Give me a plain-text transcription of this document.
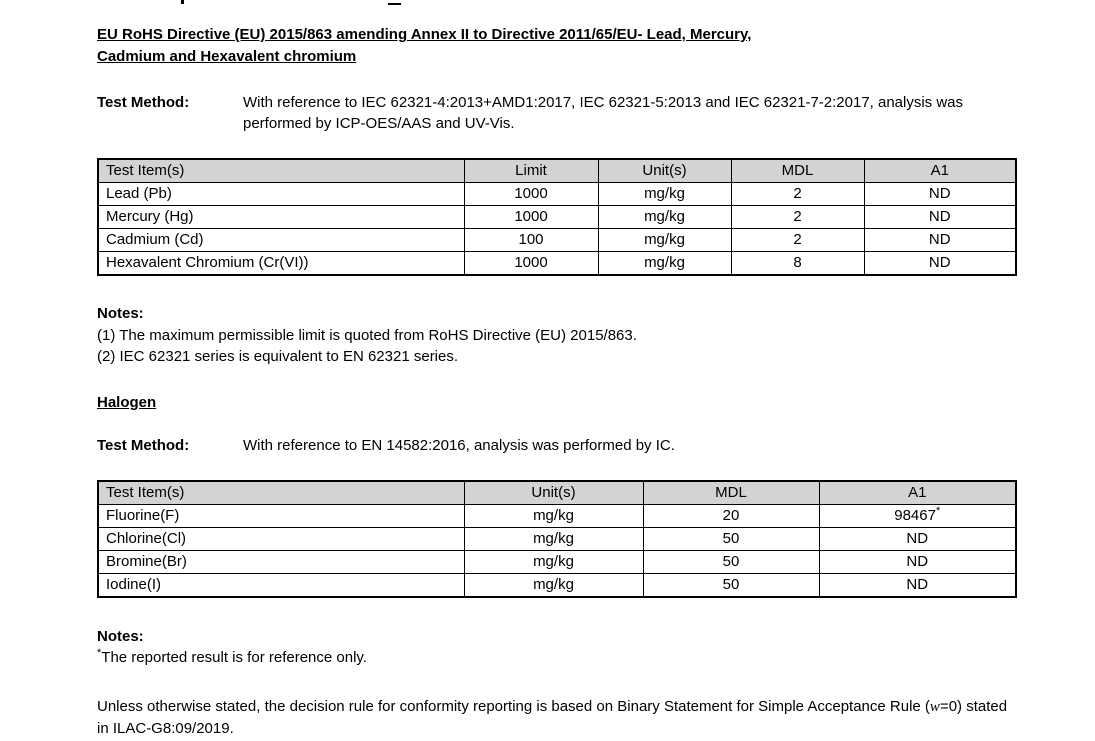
EU RoHS Directive (EU) 2015/863 amending Annex II to Directive 2011/65/EU- Lead, Mercury,
Cadmium and Hexavalent chromium
Test Method:	With reference to IEC 62321-4:2013+AMD1:2017, IEC 62321-5:2013 and IEC 62321-7-2:2017, analysis was performed by ICP-OES/AAS and UV-Vis.
Test Item(s)	Limit	Unit(s)	MDL	A1
Lead (Pb)	1000	mg/kg	2	ND
Mercury (Hg)	1000	mg/kg	2	ND
Cadmium (Cd)	100	mg/kg	2	ND
Hexavalent Chromium (Cr(VI))	1000	mg/kg	8	ND
Notes:
(1) The maximum permissible limit is quoted from RoHS Directive (EU) 2015/863.
(2) IEC 62321 series is equivalent to EN 62321 series.
Halogen
Test Method:	With reference to EN 14582:2016, analysis was performed by IC.
Test Item(s)	Unit(s)	MDL	A1
Fluorine(F)	mg/kg	20	98467*
Chlorine(Cl)	mg/kg	50	ND
Bromine(Br)	mg/kg	50	ND
Iodine(I)	mg/kg	50	ND
Notes:
*The reported result is for reference only.
Unless otherwise stated, the decision rule for conformity reporting is based on Binary Statement for Simple Acceptance Rule (w=0) stated in ILAC-G8:09/2019.
